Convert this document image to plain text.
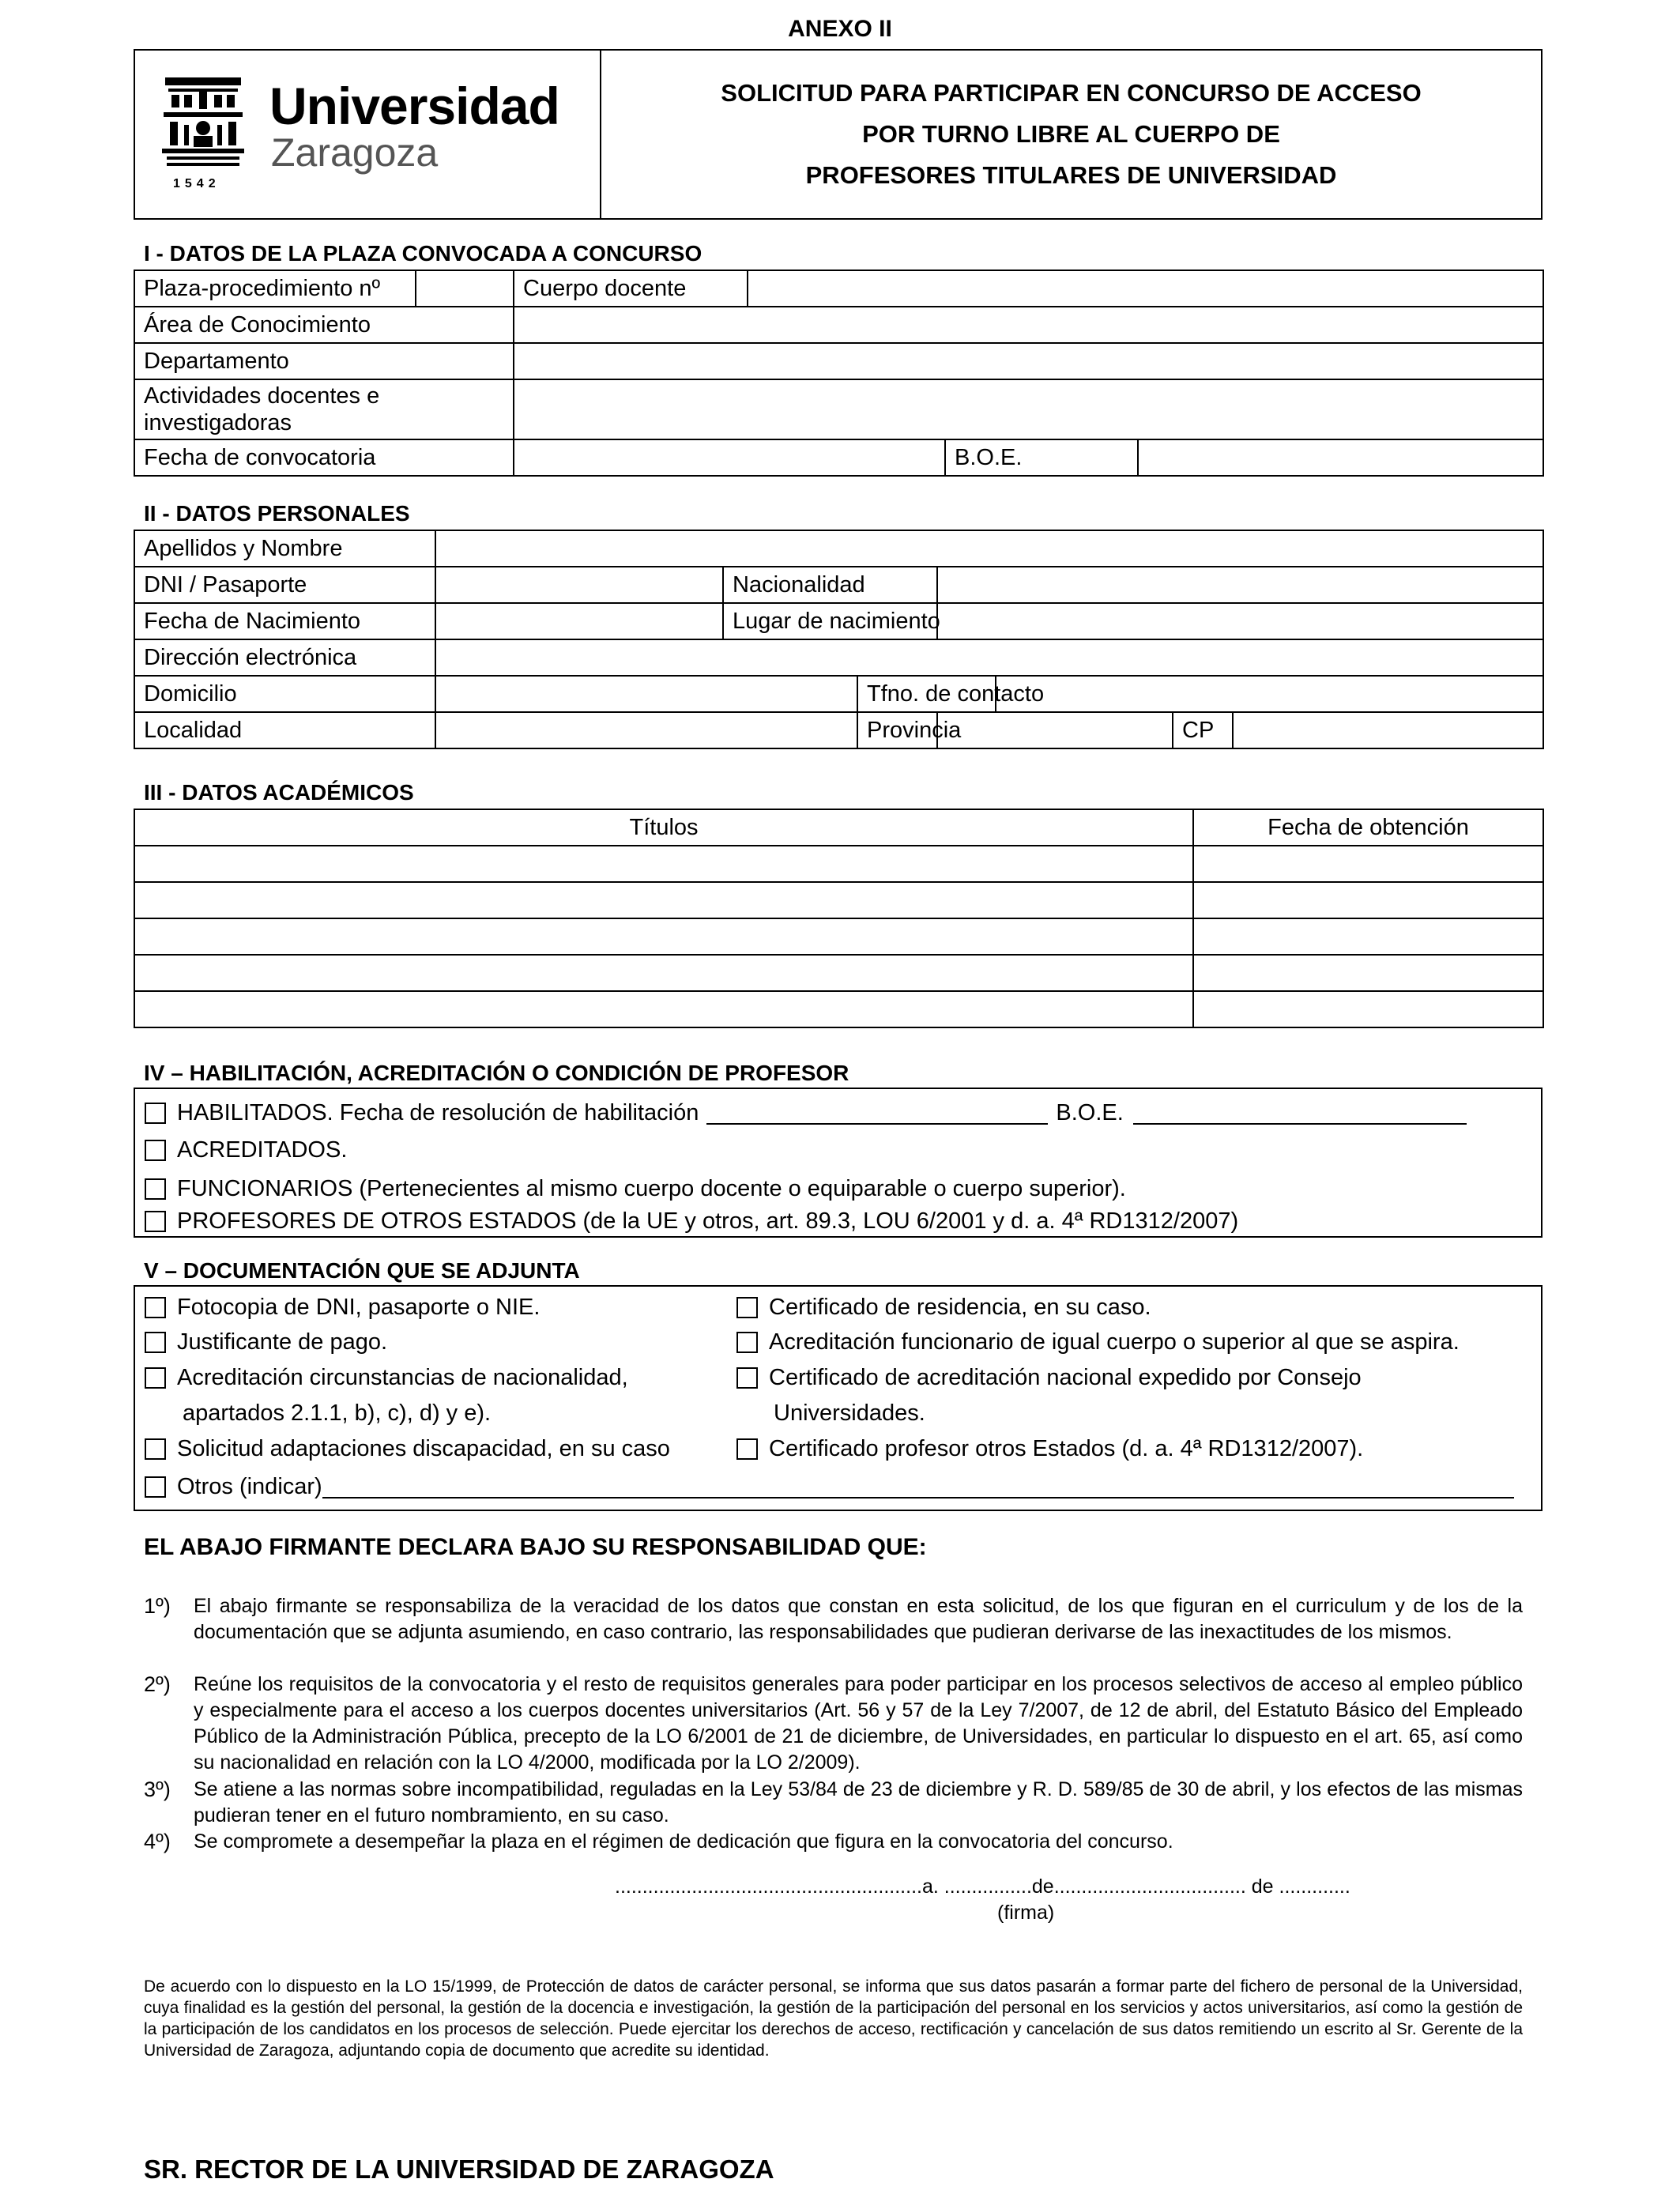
ANEXO II
Universidad
Zaragoza
1542
SOLICITUD PARA PARTICIPAR EN CONCURSO DE ACCESO
POR TURNO LIBRE AL CUERPO DE
PROFESORES TITULARES DE UNIVERSIDAD
I - DATOS DE LA PLAZA CONVOCADA A CONCURSO
Plaza-procedimiento nº		Cuerpo docente			
Área de Conocimiento					
Departamento					
Actividades docentes e investigadoras					
Fecha de convocatoria				B.O.E.	
II - DATOS PERSONALES
Apellidos y Nombre							
DNI / Pasaporte		Nacionalidad					
Fecha de Nacimiento		Lugar de nacimiento					
Dirección electrónica							
Domicilio			Tfno. de contacto				
Localidad			Provincia			CP	
III - DATOS ACADÉMICOS
Títulos	Fecha de obtención

IV – HABILITACIÓN, ACREDITACIÓN O CONDICIÓN DE PROFESOR
HABILITADOS. Fecha de resolución de habilitación	B.O.E.
ACREDITADOS.
FUNCIONARIOS (Pertenecientes al mismo cuerpo docente o equiparable o cuerpo superior).
PROFESORES DE OTROS ESTADOS (de la UE y otros, art. 89.3, LOU 6/2001 y d. a. 4ª RD1312/2007)
V – DOCUMENTACIÓN QUE SE ADJUNTA
Fotocopia de DNI, pasaporte o NIE.
Justificante de pago.
Acreditación circunstancias de nacionalidad,
apartados 2.1.1, b), c), d) y e).
Solicitud adaptaciones discapacidad, en su caso
Otros (indicar)
Certificado de residencia, en su caso.
Acreditación funcionario de igual cuerpo o superior al que se aspira.
Certificado de acreditación nacional expedido por Consejo
Universidades.
Certificado profesor otros Estados (d. a. 4ª RD1312/2007).
EL ABAJO FIRMANTE DECLARA BAJO SU RESPONSABILIDAD QUE:
1º) El abajo firmante se responsabiliza de la veracidad de los datos que constan en esta solicitud, de los que figuran en el curriculum y de los de la documentación que se adjunta asumiendo, en caso contrario, las responsabilidades que pudieran derivarse de las inexactitudes de los mismos.
2º) Reúne los requisitos de la convocatoria y el resto de requisitos generales para poder participar en los procesos selectivos de acceso al empleo público y especialmente para el acceso a los cuerpos docentes universitarios (Art. 56 y 57 de la Ley 7/2007, de 12 de abril, del Estatuto Básico del Empleado Público de la Administración Pública, precepto de la LO 6/2001 de 21 de diciembre, de Universidades, en particular lo dispuesto en el art. 65, así como su nacionalidad en relación con la LO 4/2000, modificada por la LO 2/2009).
3º) Se atiene a las normas sobre incompatibilidad, reguladas en la Ley 53/84 de 23 de diciembre y R. D. 589/85 de 30 de abril, y los efectos de las mismas pudieran tener en el futuro nombramiento, en su caso.
4º) Se compromete a desempeñar la plaza en el régimen de dedicación que figura en la convocatoria del concurso.
........................................................a. ................de................................... de .............
(firma)
De acuerdo con lo dispuesto en la LO 15/1999, de Protección de datos de carácter personal, se informa que sus datos pasarán a formar parte del fichero de personal de la Universidad, cuya finalidad es la gestión del personal, la gestión de la docencia e investigación, la gestión de la participación del personal en los servicios y actos universitarios, así como la gestión de la participación de los candidatos en los procesos de selección. Puede ejercitar los derechos de acceso, rectificación y cancelación de sus datos remitiendo un escrito al Sr. Gerente de la Universidad de Zaragoza, adjuntando copia de documento que acredite su identidad.
SR. RECTOR DE LA UNIVERSIDAD DE ZARAGOZA
